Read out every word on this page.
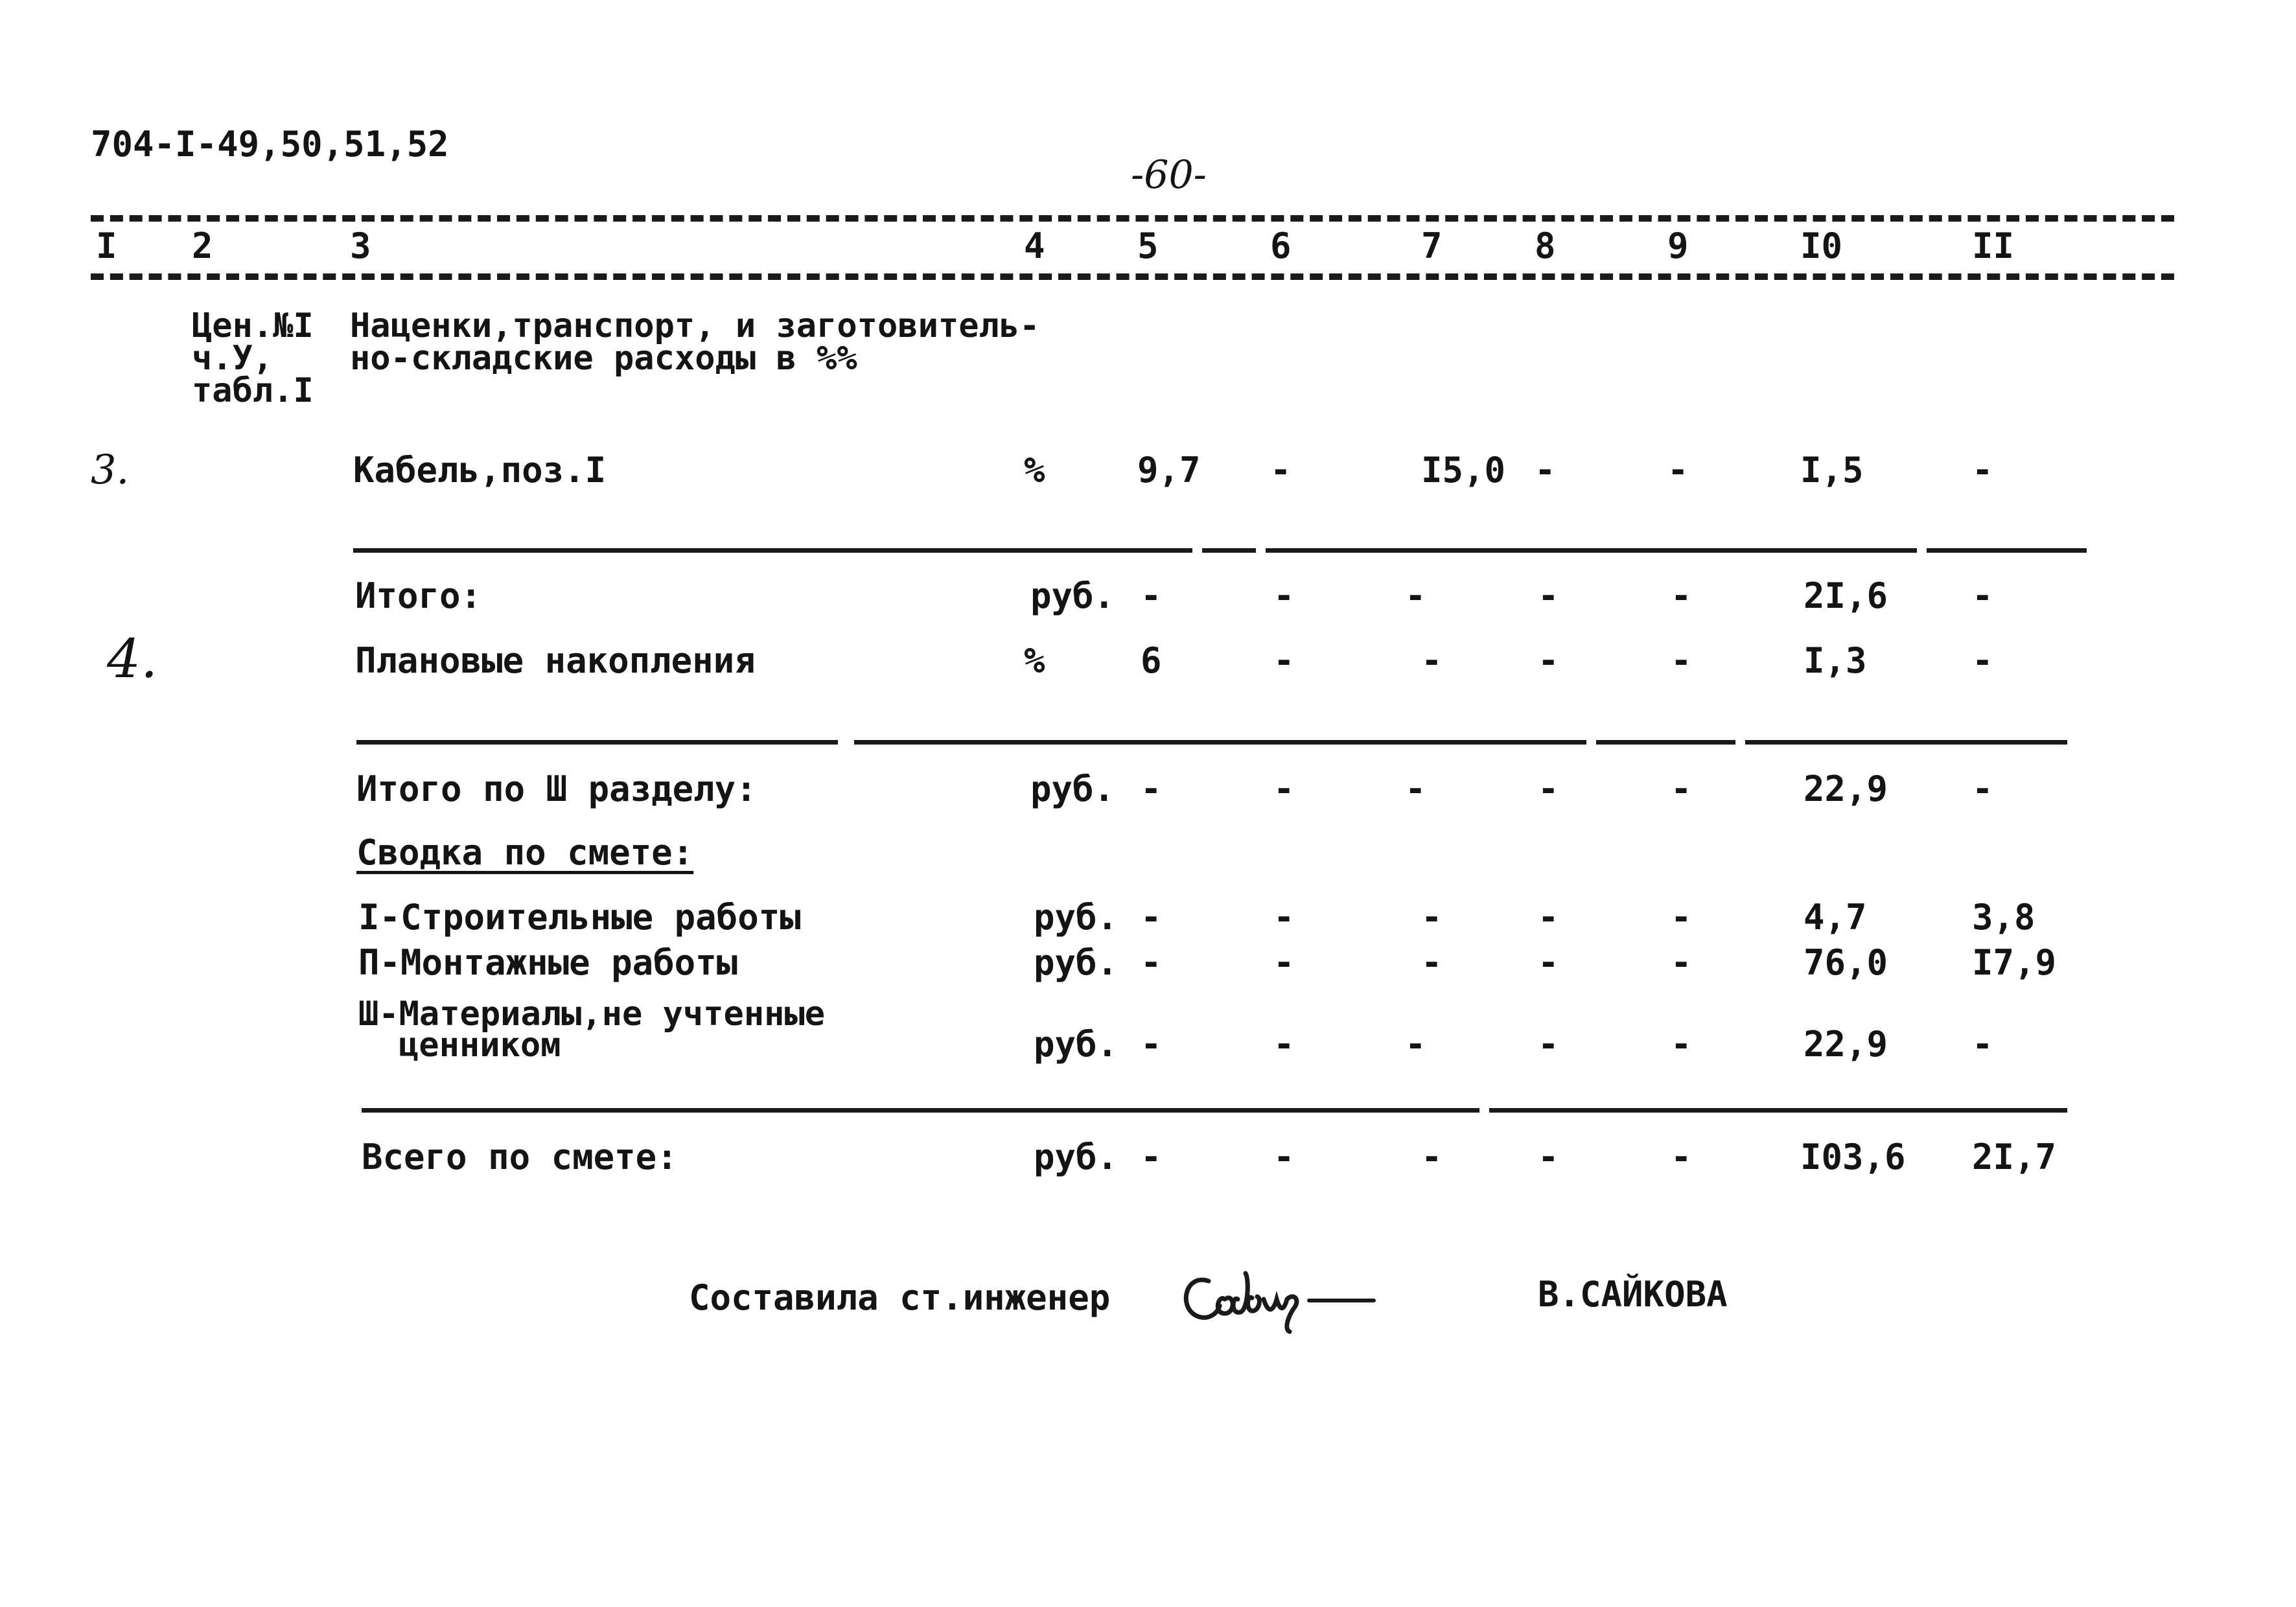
704-I-49,50,51,52
-60-
I 2	3	4	5	6	7	8	9	I0	II
Цен.№I
ч.У,
табл.I
Наценки,транспорт, и заготовитель-
но-складские расходы в %%
3.	Кабель,поз.I	%	9,7 -	I5,0 -	-	I,5	-
Итого:	руб. -	-	-	-	-	2I,6 -
4.	Плановые накопления	%	6	-	-	-	-	I,3	-
Итого по Ш разделу:	руб. -	-	-	-	-	22,9 -
Сводка по смете:
I-Строительные работы	руб. -	-	-	-	-	4,7	3,8
П-Монтажные работы	руб. -	-	-	-	-	76,0 I7,9
Ш-Материалы,не учтенные
ценником	руб. -	-	-	-	-	22,9 -
Всего по смете:	руб. -	-	-	-	-	I03,6 2I,7
Составила ст.инженер	В.САЙКОВА
